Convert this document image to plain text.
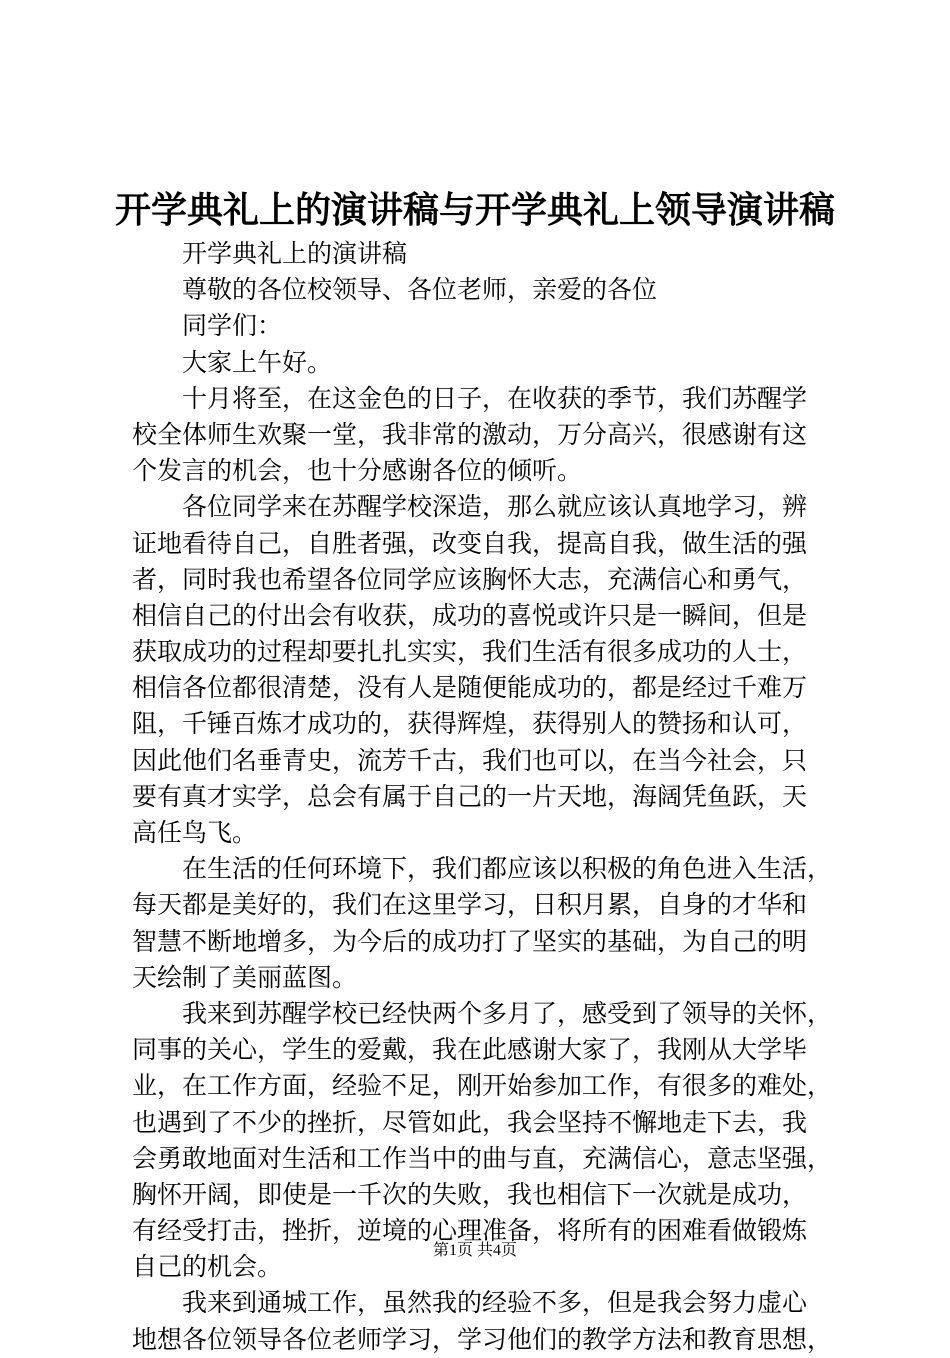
开学典礼上的演讲稿与开学典礼上领导演讲稿
开学典礼上的演讲稿
尊敬的各位校领导、各位老师，亲爱的各位
同学们：
大家上午好。
十月将至，在这金色的日子，在收获的季节，我们苏醒学
校全体师生欢聚一堂，我非常的激动，万分高兴，很感谢有这
个发言的机会，也十分感谢各位的倾听。
各位同学来在苏醒学校深造，那么就应该认真地学习，辨
证地看待自己，自胜者强，改变自我，提高自我，做生活的强
者，同时我也希望各位同学应该胸怀大志，充满信心和勇气，
相信自己的付出会有收获，成功的喜悦或许只是一瞬间，但是
获取成功的过程却要扎扎实实，我们生活有很多成功的人士，
相信各位都很清楚，没有人是随便能成功的，都是经过千难万
阻，千锤百炼才成功的，获得辉煌，获得别人的赞扬和认可，
因此他们名垂青史，流芳千古，我们也可以，在当今社会，只
要有真才实学，总会有属于自己的一片天地，海阔凭鱼跃，天
高任鸟飞。
在生活的任何环境下，我们都应该以积极的角色进入生活，
每天都是美好的，我们在这里学习，日积月累，自身的才华和
智慧不断地增多，为今后的成功打了坚实的基础，为自己的明
天绘制了美丽蓝图。
我来到苏醒学校已经快两个多月了，感受到了领导的关怀，
同事的关心，学生的爱戴，我在此感谢大家了，我刚从大学毕
业，在工作方面，经验不足，刚开始参加工作，有很多的难处，
也遇到了不少的挫折，尽管如此，我会坚持不懈地走下去，我
会勇敢地面对生活和工作当中的曲与直，充满信心，意志坚强，
胸怀开阔，即使是一千次的失败，我也相信下一次就是成功，
有经受打击，挫折，逆境的心理准备，将所有的困难看做锻炼
自己的机会。
我来到通城工作，虽然我的经验不多，但是我会努力虚心
地想各位领导各位老师学习，学习他们的教学方法和教育思想，
第1页 共4页
